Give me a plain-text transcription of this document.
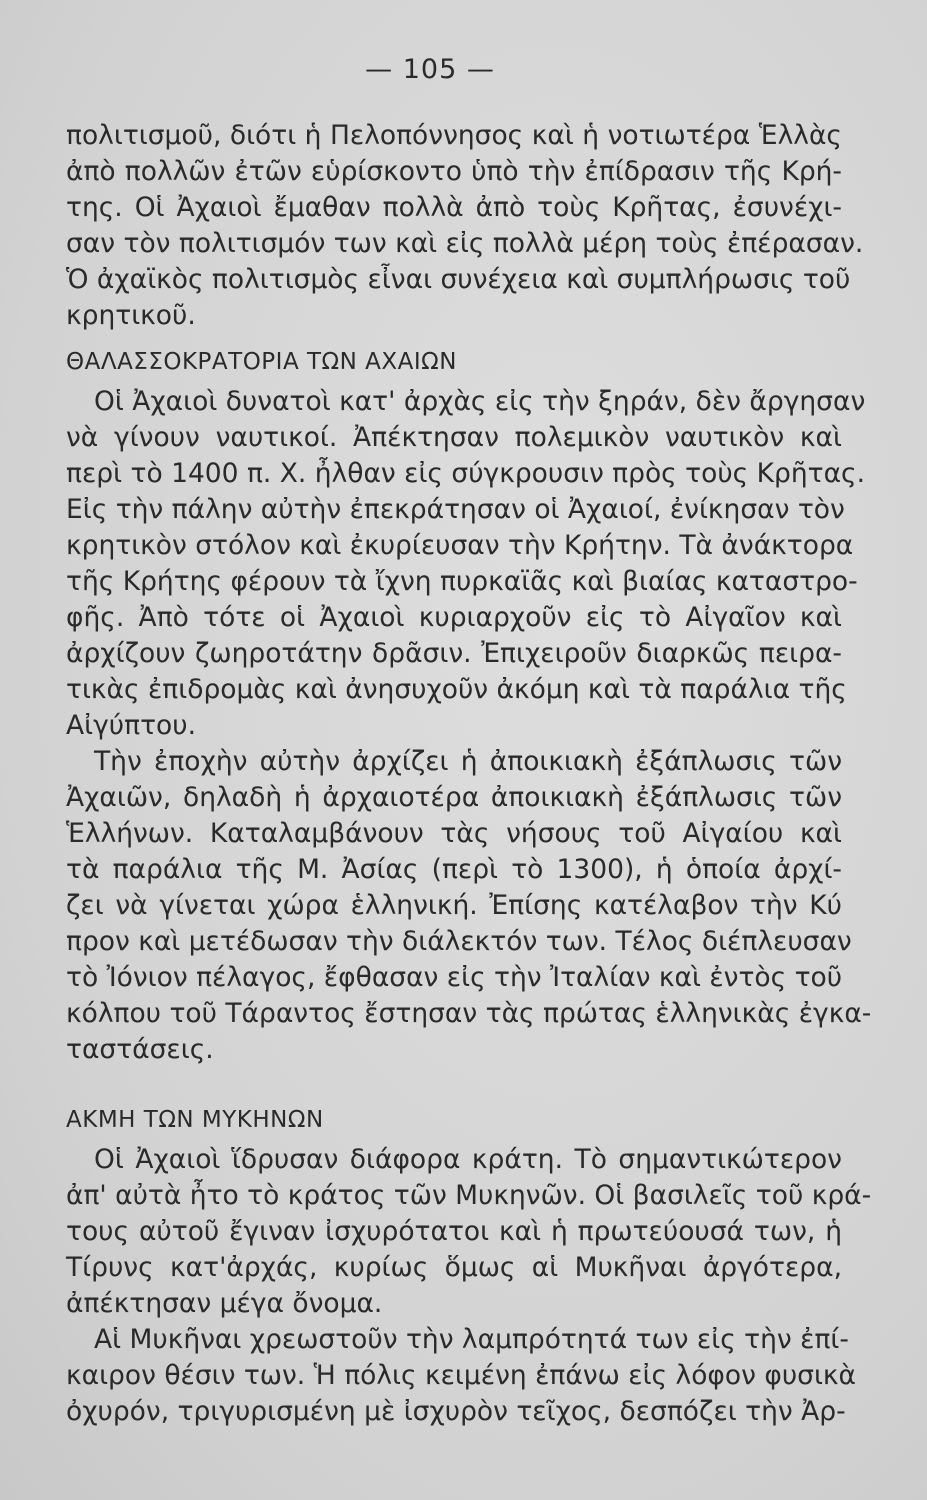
— 105 —
πολιτισμοῦ, διότι ἡ Πελοπόννησος καὶ ἡ νοτιωτέρα Ἑλλὰς
ἀπὸ πολλῶν ἐτῶν εὑρίσκοντο ὑπὸ τὴν ἐπίδρασιν τῆς Κρή-
της. Οἱ Ἀχαιοὶ ἔμαθαν πολλὰ ἀπὸ τοὺς Κρῆτας, ἐσυνέχι-
σαν τὸν πολιτισμόν των καὶ εἰς πολλὰ μέρη τοὺς ἐπέρασαν.
Ὁ ἀχαϊκὸς πολιτισμὸς εἶναι συνέχεια καὶ συμπλήρωσις τοῦ
κρητικοῦ.
ΘΑΛΑΣΣΟΚΡΑΤΟΡΙΑ ΤΩΝ ΑΧΑΙΩΝ
Οἱ Ἀχαιοὶ δυνατοὶ κατ' ἀρχὰς εἰς τὴν ξηράν, δὲν ἄργησαν
νὰ γίνουν ναυτικοί. Ἀπέκτησαν πολεμικὸν ναυτικὸν καὶ
περὶ τὸ 1400 π. Χ. ἦλθαν εἰς σύγκρουσιν πρὸς τοὺς Κρῆτας.
Εἰς τὴν πάλην αὐτὴν ἐπεκράτησαν οἱ Ἀχαιοί, ἐνίκησαν τὸν
κρητικὸν στόλον καὶ ἐκυρίευσαν τὴν Κρήτην. Τὰ ἀνάκτορα
τῆς Κρήτης φέρουν τὰ ἴχνη πυρκαϊᾶς καὶ βιαίας καταστρο-
φῆς. Ἀπὸ τότε οἱ Ἀχαιοὶ κυριαρχοῦν εἰς τὸ Αἰγαῖον καὶ
ἀρχίζουν ζωηροτάτην δρᾶσιν. Ἐπιχειροῦν διαρκῶς πειρα-
τικὰς ἐπιδρομὰς καὶ ἀνησυχοῦν ἀκόμη καὶ τὰ παράλια τῆς
Αἰγύπτου.
Τὴν ἐποχὴν αὐτὴν ἀρχίζει ἡ ἀποικιακὴ ἐξάπλωσις τῶν
Ἀχαιῶν, δηλαδὴ ἡ ἀρχαιοτέρα ἀποικιακὴ ἐξάπλωσις τῶν
Ἑλλήνων. Καταλαμβάνουν τὰς νήσους τοῦ Αἰγαίου καὶ
τὰ παράλια τῆς Μ. Ἀσίας (περὶ τὸ 1300), ἡ ὁποία ἀρχί-
ζει νὰ γίνεται χώρα ἑλληνική. Ἐπίσης κατέλαβον τὴν Κύ
προν καὶ μετέδωσαν τὴν διάλεκτόν των. Τέλος διέπλευσαν
τὸ Ἰόνιον πέλαγος, ἔφθασαν εἰς τὴν Ἰταλίαν καὶ ἐντὸς τοῦ
κόλπου τοῦ Τάραντος ἔστησαν τὰς πρώτας ἑλληνικὰς ἐγκα-
ταστάσεις.
ΑΚΜΗ ΤΩΝ ΜΥΚΗΝΩΝ
Οἱ Ἀχαιοὶ ἵδρυσαν διάφορα κράτη. Τὸ σημαντικώτερον
ἀπ' αὐτὰ ἦτο τὸ κράτος τῶν Μυκηνῶν. Οἱ βασιλεῖς τοῦ κρά-
τους αὐτοῦ ἔγιναν ἰσχυρότατοι καὶ ἡ πρωτεύουσά των, ἡ
Τίρυνς κατ'ἀρχάς, κυρίως ὅμως αἱ Μυκῆναι ἀργότερα,
ἀπέκτησαν μέγα ὄνομα.
Αἱ Μυκῆναι χρεωστοῦν τὴν λαμπρότητά των εἰς τὴν ἐπί-
καιρον θέσιν των. Ἡ πόλις κειμένη ἐπάνω εἰς λόφον φυσικὰ
ὀχυρόν, τριγυρισμένη μὲ ἰσχυρὸν τεῖχος, δεσπόζει τὴν Ἀρ-
